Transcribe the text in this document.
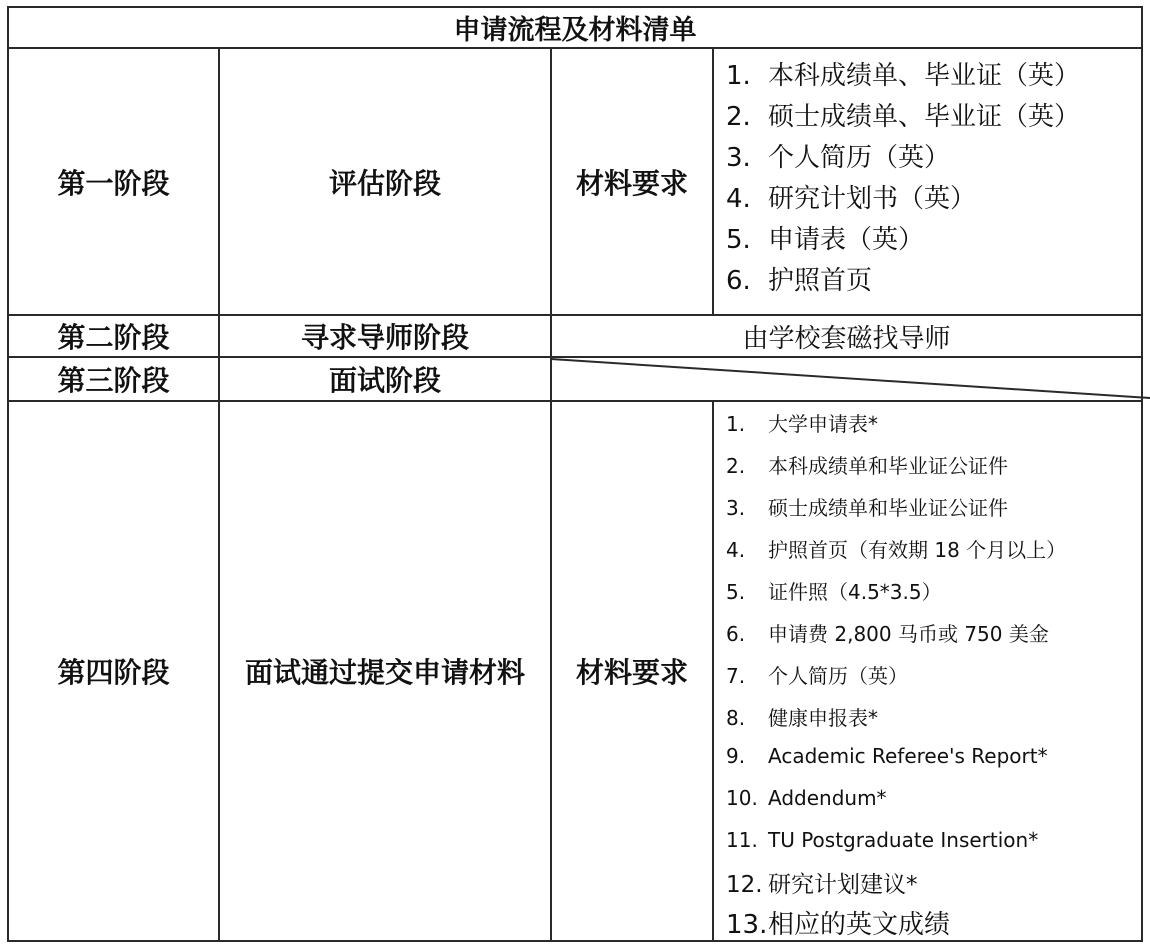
申请流程及材料清单
第一阶段	评估阶段	材料要求
1. 本科成绩单、毕业证（英）
2. 硕士成绩单、毕业证（英）
3. 个人简历（英）
4. 研究计划书（英）
5. 申请表（英）
6. 护照首页
第二阶段	寻求导师阶段	由学校套磁找导师
第三阶段	面试阶段
第四阶段	面试通过提交申请材料	材料要求
1. 大学申请表*
2. 本科成绩单和毕业证公证件
3. 硕士成绩单和毕业证公证件
4. 护照首页（有效期 18 个月以上）
5. 证件照（4.5*3.5）
6. 申请费 2,800 马币或 750 美金
7. 个人简历（英）
8. 健康申报表*
9. Academic Referee's Report*
10. Addendum*
11. TU Postgraduate Insertion*
12. 研究计划建议*
13.相应的英文成绩
